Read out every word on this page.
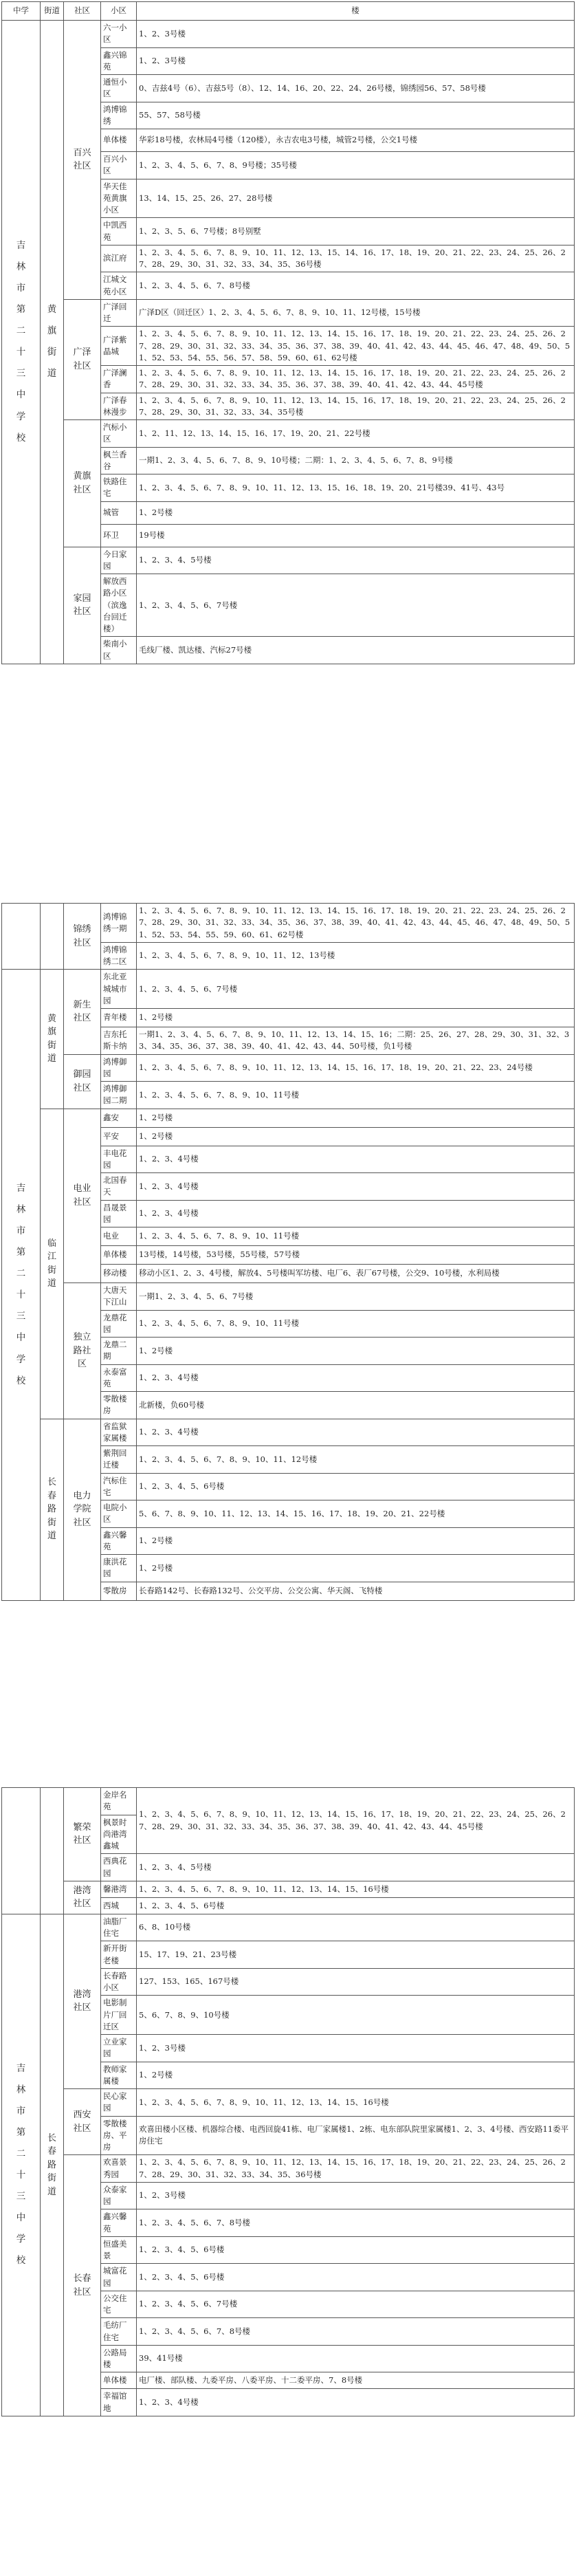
中学	街道	社区	小区	楼
吉林市第二十三中学校	黄旗街道	百兴社区	六一小区	1、2、3号楼
			鑫兴锦苑	1、2、3号楼
			通恒小区	0、吉兹4号（6）、吉兹5号（8）、12、14、16、20、22、24、26号楼，锦绣园56、57、58号楼
			鸿博锦绣	55、57、58号楼
			单体楼	华彩18号楼，农林局4号楼（120楼），永吉农电3号楼，城管2号楼，公交1号楼
			百兴小区	1、2、3、4、5、6、7、8、9号楼；35号楼
			华天佳苑黄旗小区	13、14、15、25、26、27、28号楼
			中凯西苑	1、2、3、5、6、7号楼；8号别墅
			滨江府	1、2、3、4、5、6、7、8、9、10、11、12、13、15、14、16、17、18、19、20、21、22、23、24、25、26、27、28、29、30、31、32、33、34、35、36号楼
			江城文苑小区	1、2、3、4、5、6、7、8号楼
		广泽社区	广泽回迁	广泽D区（回迁区）1、2、3、4、5、6、7、8、9、10、11、12号楼，15号楼
			广泽紫晶城	1、2、3、4、5、6、7、8、9、10、11、12、13、14、15、16、17、18、19、20、21、22、23、24、25、26、27、28、29、30、31、32、33、34、35、36、37、38、39、40、41、42、43、44、45、46、47、48、49、50、51、52、53、54、55、56、57、58、59、60、61、62号楼
			广泽澜香	1、2、3、4、5、6、7、8、9、10、11、12、13、14、15、16、17、18、19、20、21、22、23、24、25、26、27、28、29、30、31、32、33、34、35、36、37、38、39、40、41、42、43、44、45号楼
			广泽春林漫步	1、2、3、4、5、6、7、8、9、10、11、12、13、14、15、16、17、18、19、20、21、22、23、24、25、26、27、28、29、30、31、32、33、34、35号楼
		黄旗社区	汽标小区	1、2、11、12、13、14、15、16、17、19、20、21、22号楼
			枫兰香谷	一期1、2、3、4、5、6、7、8、9、10号楼；二期：1、2、3、4、5、6、7、8、9号楼
			铁路住宅	1、2、3、4、5、6、7、8、9、10、11、12、13、15、16、18、19、20、21号楼39、41号、43号
			城管	1、2号楼
			环卫	19号楼
		家园社区	今日家园	1、2、3、4、5号楼
			解放西路小区（滨逸台回迁楼）	1、2、3、4、5、6、7号楼
			柴南小区	毛线厂楼、凯达楼、汽标27号楼
		锦绣社区	鸿博锦绣一期	1、2、3、4、5、6、7、8、9、10、11、12、13、14、15、16、17、18、19、20、21、22、23、24、25、26、27、28、29、30、31、32、33、34、35、36、37、38、39、40、41、42、43、44、45、46、47、48、49、50、51、52、53、54、55、59、60、61、62号楼
			鸿博锦绣二区	1、2、3、4、5、6、7、8、9、10、11、12、13号楼
吉林市第二十三中学校	黄旗街道	新生社区	东北亚城城市园	1、2、3、4、5、6、7号楼
			青年楼	1、2号楼
			吉东托斯卡纳	一期1、2、3、4、5、6、7、8、9、10、11、12、13、14、15、16；二期：25、26、27、28、29、30、31、32、33、34、35、36、37、38、39、40、41、42、43、44、50号楼，负1号楼
		御园社区	鸿博御园	1、2、3、4、5、6、7、8、9、10、11、12、13、14、15、16、17、18、19、20、21、22、23、24号楼
			鸿博御园二期	1、2、3、4、5、6、7、8、9、10、11号楼
	临江街道	电业社区	鑫安	1、2号楼
			平安	1、2号楼
			丰电花园	1、2、3、4号楼
			北国春天	1、2、3、4号楼
			昌晟景园	1、2、3、4号楼
			电业	1、2、3、4、5、6、7、8、9、10、11号楼
			单体楼	13号楼，14号楼，53号楼，55号楼，57号楼
			移动楼	移动小区1、2、3、4号楼，解放4、5号楼叫军坊楼、电厂6、表厂67号楼，公交9、10号楼，水利局楼
		独立路社区	大唐天下江山	一期1、2、3、4、5、6、7号楼
			龙鼎花园	1、2、3、4、5、6、7、8、9、10、11号楼
			龙鼎二期	1、2号楼
			永泰富苑	1、2、3、4号楼
			零散楼房	北新楼，负60号楼
	长春路街道	电力学院社区	省监狱家属楼	1、2、3、4号楼
			紫荆回迁楼	1、2、3、4、5、6、7、8、9、10、11、12号楼
			汽标住宅	1、2、3、4、5、6号楼
			电院小区	5、6、7、8、9、10、11、12、13、14、15、16、17、18、19、20、21、22号楼
			鑫兴馨苑	1、2号楼
			康洪花园	1、2号楼
			零散房	长春路142号、长春路132号、公交平房、公交公寓、华天阁、飞特楼
		繁荣社区	金岸名苑	1、2、3、4、5、6、7、8、9、10、11、12、13、14、15、16、17、18、19、20、21、22、23、24、25、26、27、28、29、30、31、32、33、34、35、36、37、38、39、40、41、42、43、44、45号楼
			枫景时尚港湾鑫城	
			西典花园	1、2、3、4、5号楼
		港湾社区	馨港湾	1、2、3、4、5、6、7、8、9、10、11、12、13、14、15、16号楼
			西城	1、2、3、4、5、6号楼
吉林市第二十三中学校	长春路街道	港湾社区	油脂厂住宅	6、8、10号楼
			新开街老楼	15、17、19、21、23号楼
			长春路小区	127、153、165、167号楼
			电影制片厂回迁区	5、6、7、8、9、10号楼
			立业家园	1、2、3号楼
			教师家属楼	1、2号楼
		西安社区	民心家园	1、2、3、4、5、6、7、8、9、10、11、12、13、14、15、16号楼
			零散楼房、平房	欢喜田楼小区楼、机器综合楼、电西回旋41栋、电厂家属楼1、2栋、电东部队院里家属楼1、2、3、4号楼、西安路11委平房住宅
		长春社区	欢喜景秀园	1、2、3、4、5、6、7、8、9、10、11、12、13、14、15、16、17、18、19、20、21、22、23、24、25、26、27、28、29、30、31、32、33、34、35、36号楼
			众泰家园	1、2、3号楼
			鑫兴馨苑	1、2、3、4、5、6、7、8号楼
			恒盛美景	1、2、3、4、5、6号楼
			城富花园	1、2、3、4、5、6号楼
			公交住宅	1、2、3、4、5、6、7号楼
			毛纺厂住宅	1、2、3、4、5、6、7、8号楼
			公路局楼	39、41号楼
			单体楼	电厂楼、部队楼、九委平房、八委平房、十二委平房、7、8号楼
			幸福馆地	1、2、3、4号楼
